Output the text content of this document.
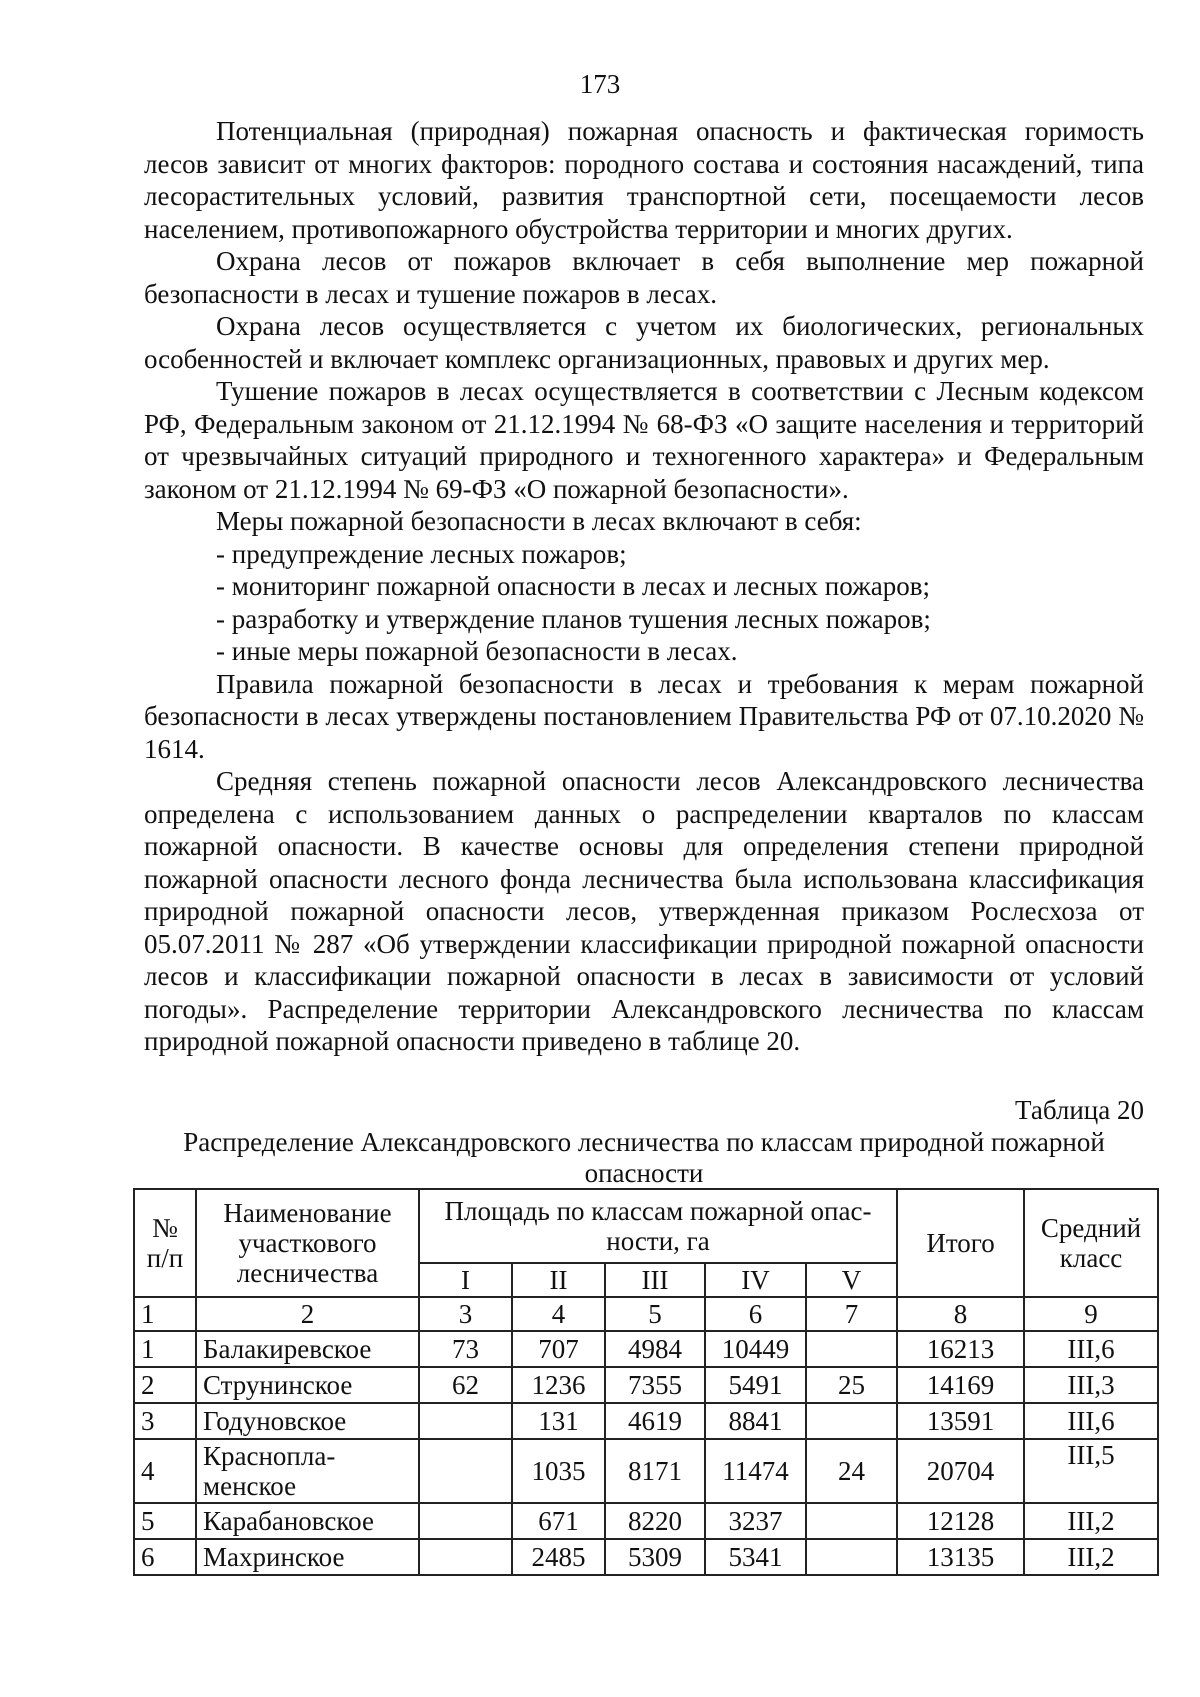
173

Потенциальная (природная) пожарная опасность и фактическая горимость лесов зависит от многих факторов: породного состава и состояния насаждений, типа лесорастительных условий, развития транспортной сети, посещаемости лесов населением, противопожарного обустройства территории и многих других.

Охрана лесов от пожаров включает в себя выполнение мер пожарной безопасности в лесах и тушение пожаров в лесах.

Охрана лесов осуществляется с учетом их биологических, региональных особенностей и включает комплекс организационных, правовых и других мер.

Тушение пожаров в лесах осуществляется в соответствии с Лесным кодексом РФ, Федеральным законом от 21.12.1994 № 68-ФЗ «О защите населения и территорий от чрезвычайных ситуаций природного и техногенного характера» и Федеральным законом от 21.12.1994 № 69-ФЗ «О пожарной безопасности».

Меры пожарной безопасности в лесах включают в себя:

- предупреждение лесных пожаров;

- мониторинг пожарной опасности в лесах и лесных пожаров;

- разработку и утверждение планов тушения лесных пожаров;

- иные меры пожарной безопасности в лесах.

Правила пожарной безопасности в лесах и требования к мерам пожарной безопасности в лесах утверждены постановлением Правительства РФ от 07.10.2020 № 1614.

Средняя степень пожарной опасности лесов Александровского лесничества определена с использованием данных о распределении кварталов по классам пожарной опасности. В качестве основы для определения степени природной пожарной опасности лесного фонда лесничества была использована классификация природной пожарной опасности лесов, утвержденная приказом Рослесхоза от 05.07.2011 № 287 «Об утверждении классификации природной пожарной опасности лесов и классификации пожарной опасности в лесах в зависимости от условий погоды». Распределение территории Александровского лесничества по классам природной пожарной опасности приведено в таблице 20.

Таблица 20

Распределение Александровского лесничества по классам природной пожарной опасности

№ п/п	Наименование участкового лесничества	Площадь по классам пожарной опас-ности, га					Итого	Средний класс
		I	II	III	IV	V		
1	2	3	4	5	6	7	8	9
1	Балакиревское	73	707	4984	10449		16213	III,6
2	Струнинское	62	1236	7355	5491	25	14169	III,3
3	Годуновское		131	4619	8841		13591	III,6
4	Краснопла-менское		1035	8171	11474	24	20704	III,5
5	Карабановское		671	8220	3237		12128	III,2
6	Махринское		2485	5309	5341		13135	III,2
